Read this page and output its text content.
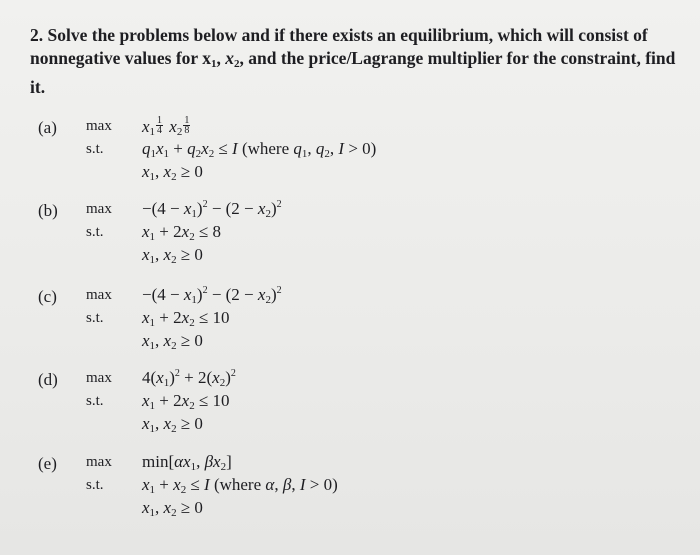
2. Solve the problems below and if there exists an equilibrium, which will consist of
nonnegative values for $x_1$, $x_2$, and the price/Lagrange multiplier for the constraint, find it.
(a) max
s.t.
$x_1 \frac{1}{4} x_2 \frac{1}{8}$
$q_1x_1 + q_2x_2 \le I$ (where $q_1$, $q_2$, I > 0)
$x_1$, $x_2 \ge 0$
(b) max
s.t.
$-(4 - x_1)^2 - (2 - x_2)^2$
$x_1 + 2x_2 \le 8$
$x_1$, $x_2 \ge 0$
(c) max
s.t.
$-(4 - x_1)^2 - (2 - x_2)^2$
$x_1 + 2x_2 \le 10$
$x_1$, $x_2 \ge 0$
(d) max
s.t.
$4(x_1)^2 + 2(x_2)^2$
$x_1 + 2x_2 \le 10$
$x_1$, $x_2 \ge 0$
(e) max
s.t.
$\min[\alpha x_1$, $\beta x_2$]
$x_1 + x_2 \le I$ (where α, β, I > 0)
$x_1$, $x_2 \ge 0$
